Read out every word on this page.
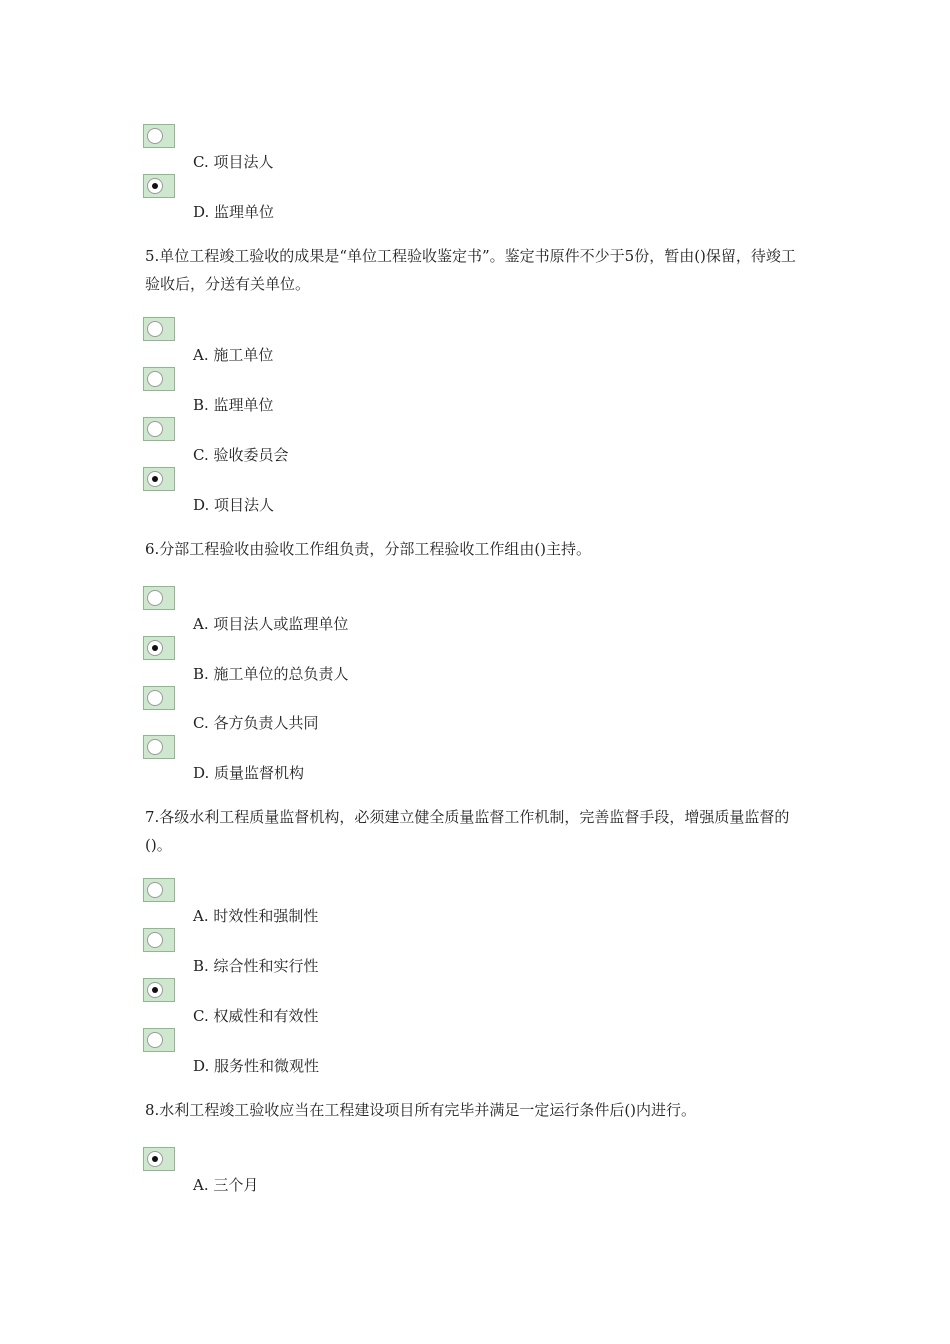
C. 项目法人
D. 监理单位
5.单位工程竣工验收的成果是“单位工程验收鉴定书”。鉴定书原件不少于5份，暂由()保留，待竣工验收后，分送有关单位。
A. 施工单位
B. 监理单位
C. 验收委员会
D. 项目法人
6.分部工程验收由验收工作组负责，分部工程验收工作组由()主持。
A. 项目法人或监理单位
B. 施工单位的总负责人
C. 各方负责人共同
D. 质量监督机构
7.各级水利工程质量监督机构，必须建立健全质量监督工作机制，完善监督手段，增强质量监督的()。
A. 时效性和强制性
B. 综合性和实行性
C. 权威性和有效性
D. 服务性和微观性
8.水利工程竣工验收应当在工程建设项目所有完毕并满足一定运行条件后()内进行。
A. 三个月
